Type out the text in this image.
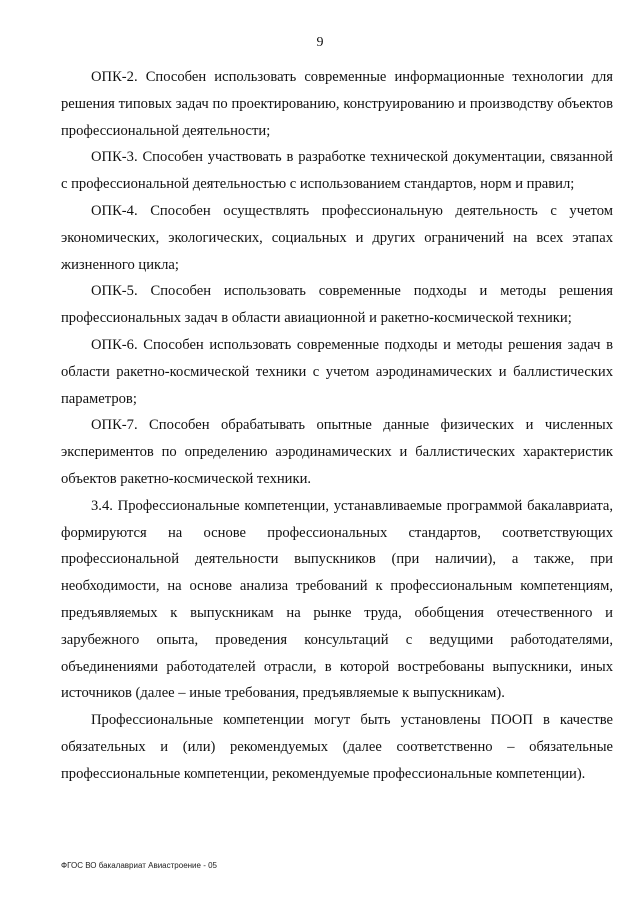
9

ОПК-2. Способен использовать современные информационные технологии для решения типовых задач по проектированию, конструированию и производству объектов профессиональной деятельности;

ОПК-3. Способен участвовать в разработке технической документации, связанной с профессиональной деятельностью с использованием стандартов, норм и правил;

ОПК-4. Способен осуществлять профессиональную деятельность с учетом экономических, экологических, социальных и других ограничений на всех этапах жизненного цикла;

ОПК-5. Способен использовать современные подходы и методы решения профессиональных задач в области авиационной и ракетно-космической техники;

ОПК-6. Способен использовать современные подходы и методы решения задач в области ракетно-космической техники с учетом аэродинамических и баллистических параметров;

ОПК-7. Способен обрабатывать опытные данные физических и численных экспериментов по определению аэродинамических и баллистических характеристик объектов ракетно-космической техники.

3.4. Профессиональные компетенции, устанавливаемые программой бакалавриата, формируются на основе профессиональных стандартов, соответствующих профессиональной деятельности выпускников (при наличии), а также, при необходимости, на основе анализа требований к профессиональным компетенциям, предъявляемых к выпускникам на рынке труда, обобщения отечественного и зарубежного опыта, проведения консультаций с ведущими работодателями, объединениями работодателей отрасли, в которой востребованы выпускники, иных источников (далее – иные требования, предъявляемые к выпускникам).

Профессиональные компетенции могут быть установлены ПООП в качестве обязательных и (или) рекомендуемых (далее соответственно – обязательные профессиональные компетенции, рекомендуемые профессиональные компетенции).

ФГОС ВО бакалавриат Авиастроение - 05
